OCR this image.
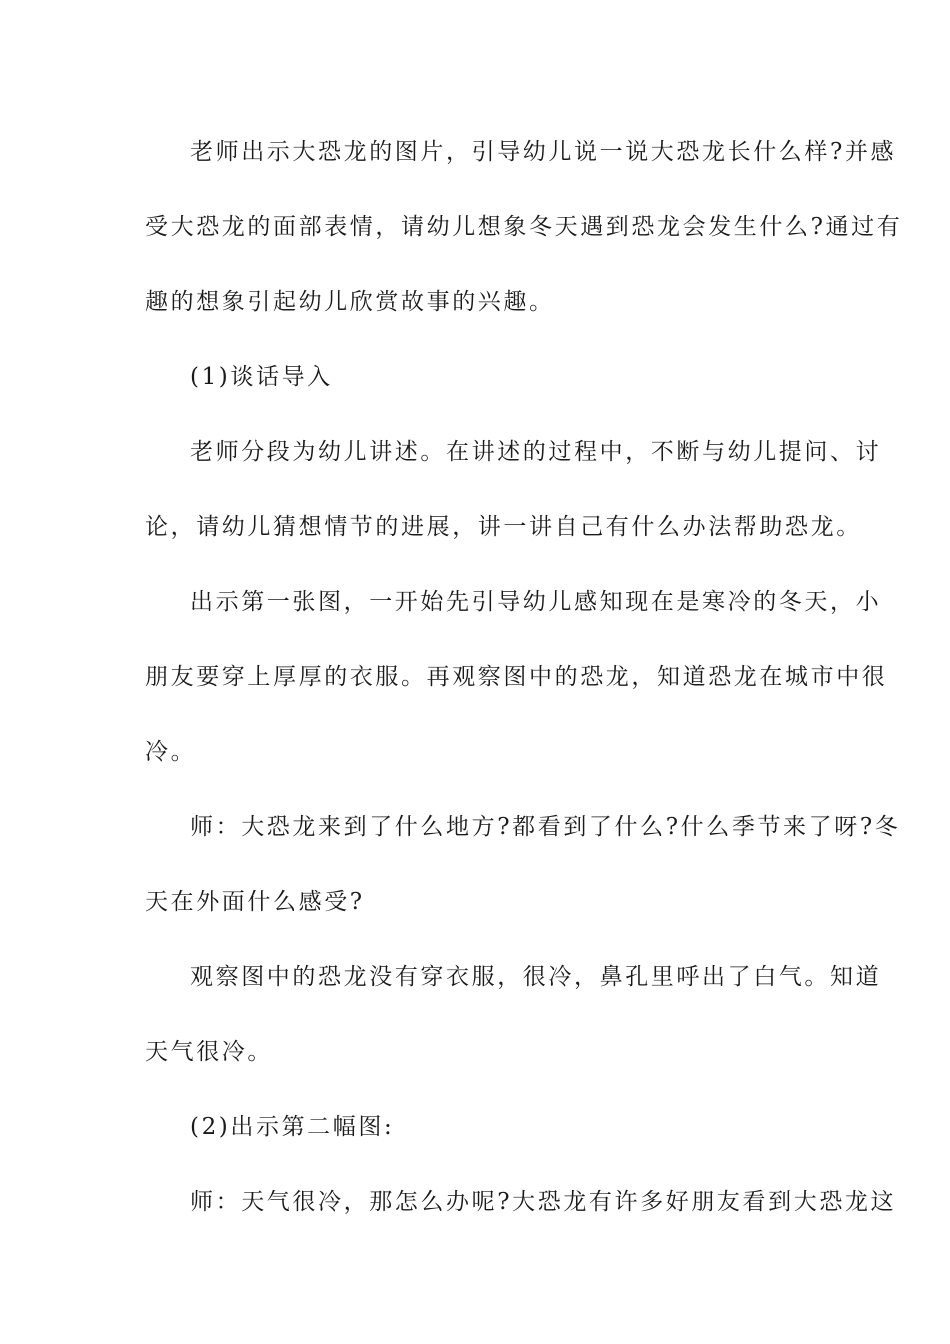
老师出示大恐龙的图片，引导幼儿说一说大恐龙长什么样?并感
受大恐龙的面部表情，请幼儿想象冬天遇到恐龙会发生什么?通过有
趣的想象引起幼儿欣赏故事的兴趣。
(1)谈话导入
老师分段为幼儿讲述。在讲述的过程中，不断与幼儿提问、讨
论，请幼儿猜想情节的进展，讲一讲自己有什么办法帮助恐龙。
出示第一张图，一开始先引导幼儿感知现在是寒冷的冬天，小
朋友要穿上厚厚的衣服。再观察图中的恐龙，知道恐龙在城市中很
冷。
师：大恐龙来到了什么地方?都看到了什么?什么季节来了呀?冬
天在外面什么感受?
观察图中的恐龙没有穿衣服，很冷，鼻孔里呼出了白气。知道
天气很冷。
(2)出示第二幅图:
师：天气很冷，那怎么办呢?大恐龙有许多好朋友看到大恐龙这
